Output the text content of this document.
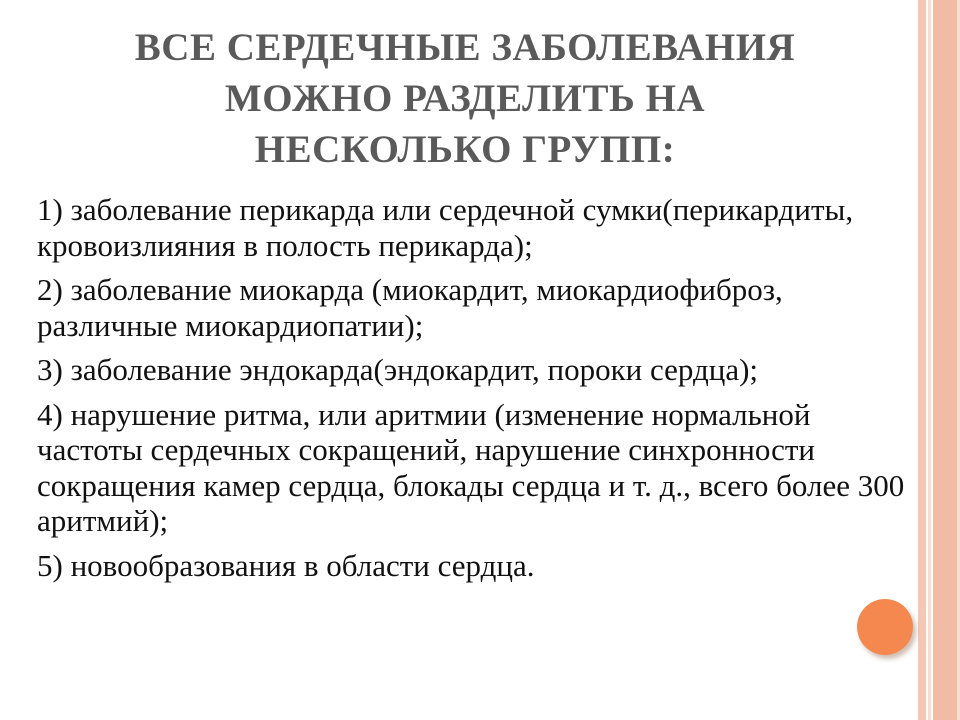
ВСЕ СЕРДЕЧНЫЕ ЗАБОЛЕВАНИЯ
МОЖНО РАЗДЕЛИТЬ НА
НЕСКОЛЬКО ГРУПП:
1) заболевание перикарда или сердечной сумки(перикардиты, кровоизлияния в полость перикарда);
2) заболевание миокарда (миокардит, миокардиофиброз, различные миокардиопатии);
3) заболевание эндокарда(эндокардит, пороки сердца);
4) нарушение ритма, или аритмии (изменение нормальной частоты сердечных сокращений, нарушение синхронности сокращения камер сердца, блокады сердца и т. д., всего более 300 аритмий);
5) новообразования в области сердца.
